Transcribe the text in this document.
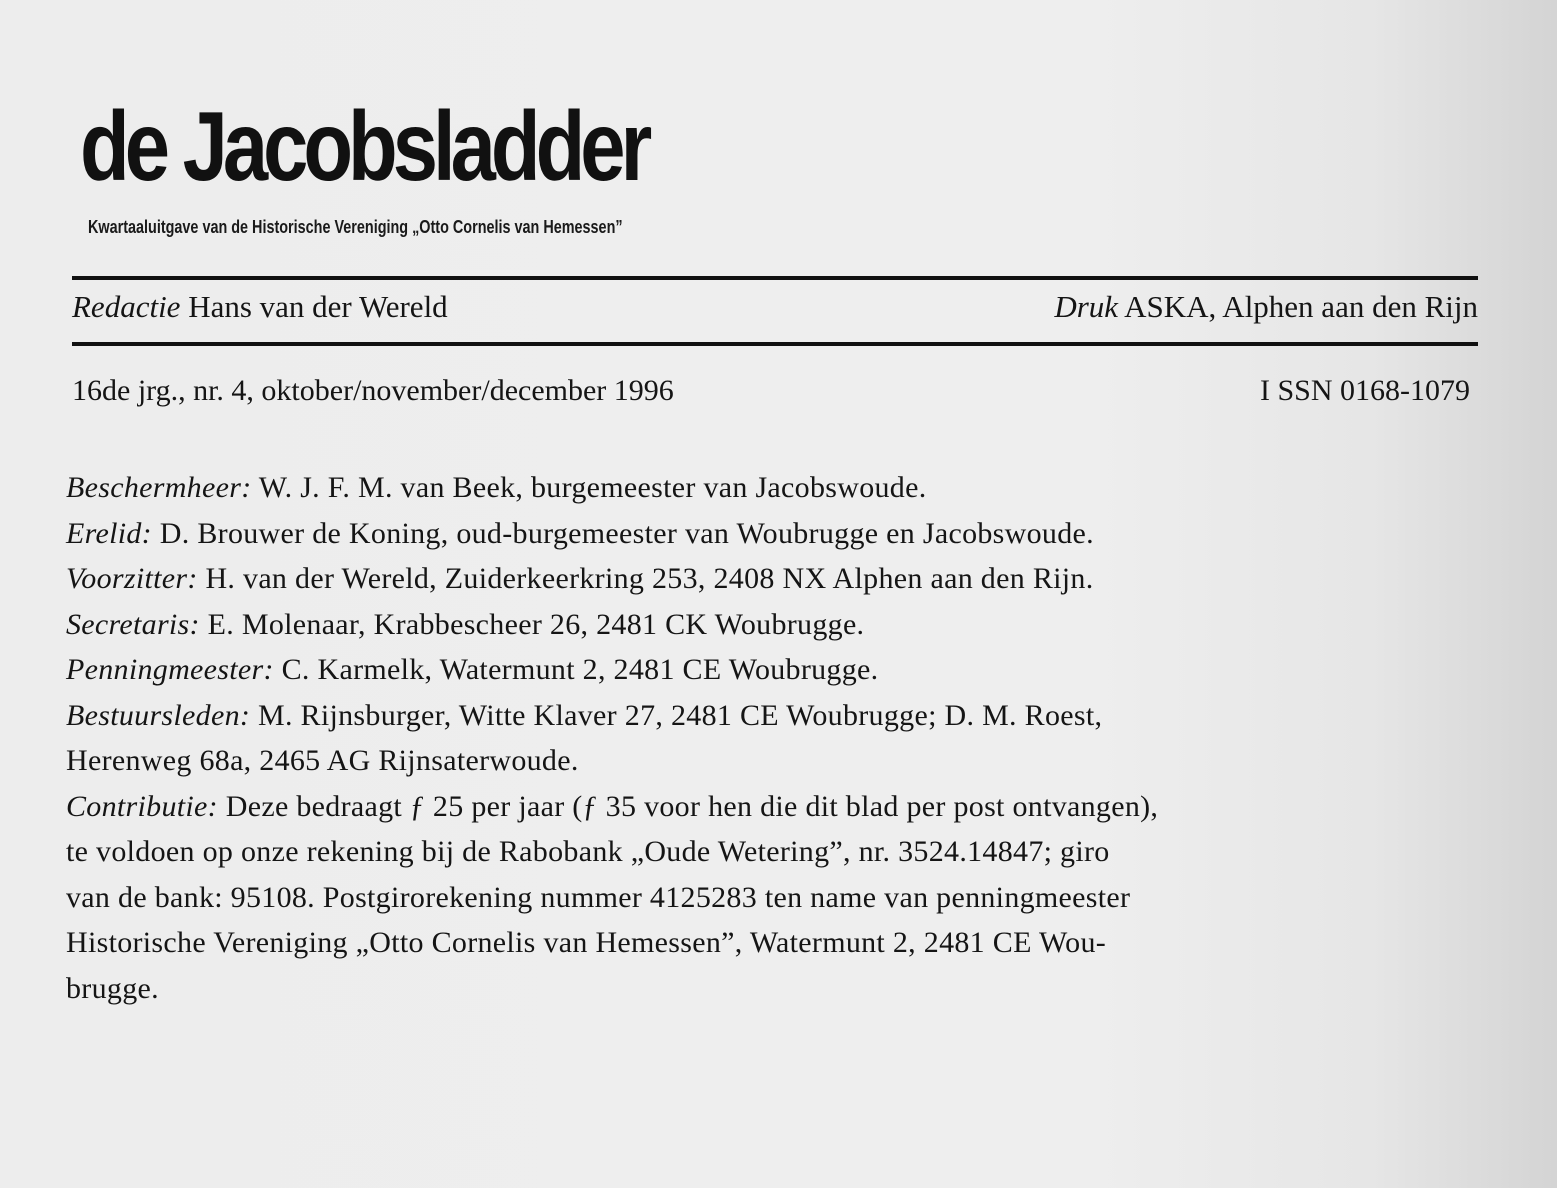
de Jacobsladder
Kwartaaluitgave van de Historische Vereniging „Otto Cornelis van Hemessen”
Redactie Hans van der Wereld	Druk ASKA, Alphen aan den Rijn
16de jrg., nr. 4, oktober/november/december 1996	I SSN 0168-1079
Beschermheer: W. J. F. M. van Beek, burgemeester van Jacobswoude.
Erelid: D. Brouwer de Koning, oud-burgemeester van Woubrugge en Jacobswoude.
Voorzitter: H. van der Wereld, Zuiderkeerkring 253, 2408 NX Alphen aan den Rijn.
Secretaris: E. Molenaar, Krabbescheer 26, 2481 CK Woubrugge.
Penningmeester: C. Karmelk, Watermunt 2, 2481 CE Woubrugge.
Bestuursleden: M. Rijnsburger, Witte Klaver 27, 2481 CE Woubrugge; D. M. Roest,
Herenweg 68a, 2465 AG Rijnsaterwoude.
Contributie: Deze bedraagt ƒ 25 per jaar (ƒ 35 voor hen die dit blad per post ontvangen),
te voldoen op onze rekening bij de Rabobank „Oude Wetering”, nr. 3524.14847; giro
van de bank: 95108. Postgirorekening nummer 4125283 ten name van penningmeester
Historische Vereniging „Otto Cornelis van Hemessen”, Watermunt 2, 2481 CE Wou-
brugge.
